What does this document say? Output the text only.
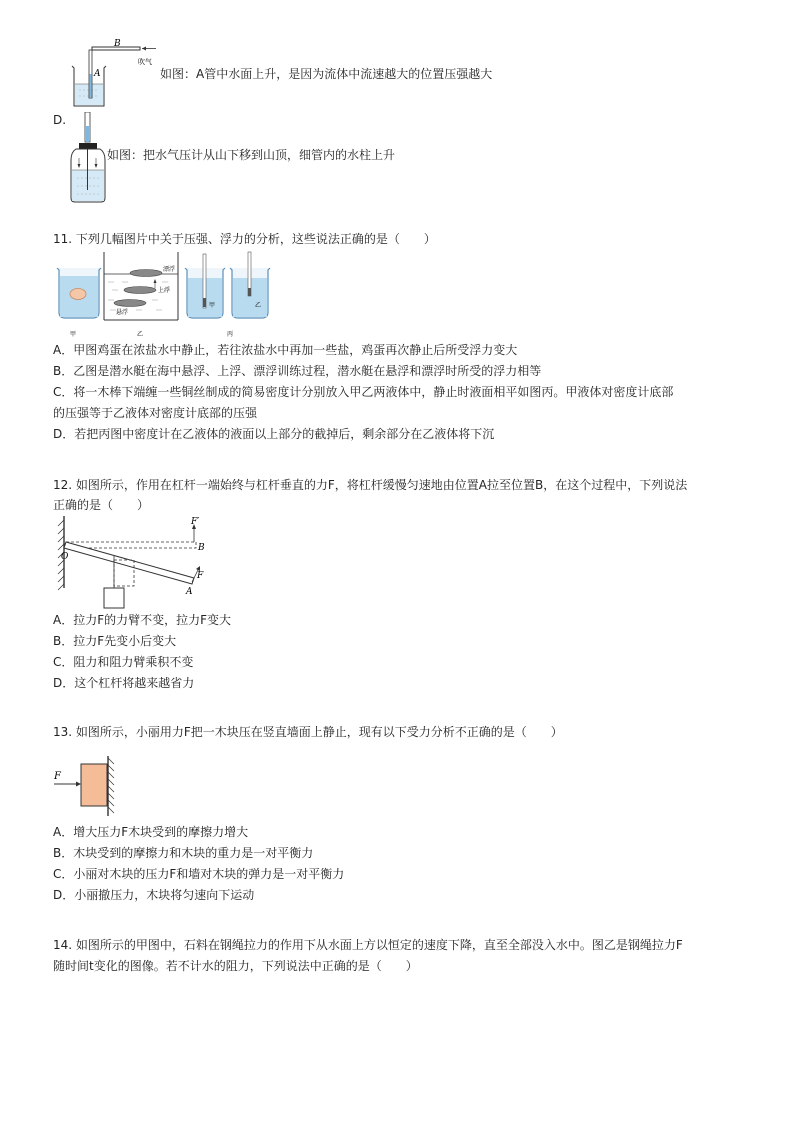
B
吹气
A	如图：A管中水面上升，是因为流体中流速越大的位置压强越大
D.
如图：把水气压计从山下移到山顶，细管内的水柱上升
11. 下列几幅图片中关于压强、浮力的分析，这些说法正确的是（　　）
甲
漂浮
上浮
悬浮
乙
甲	乙
丙
A．甲图鸡蛋在浓盐水中静止，若往浓盐水中再加一些盐，鸡蛋再次静止后所受浮力变大
B．乙图是潜水艇在海中悬浮、上浮、漂浮训练过程，潜水艇在悬浮和漂浮时所受的浮力相等
C．将一木棒下端缠一些铜丝制成的简易密度计分别放入甲乙两液体中，静止时液面相平如图丙。甲液体对密度计底部
的压强等于乙液体对密度计底部的压强
D．若把丙图中密度计在乙液体的液面以上部分的截掉后，剩余部分在乙液体将下沉
12. 如图所示，作用在杠杆一端始终与杠杆垂直的力F，将杠杆缓慢匀速地由位置A拉至位置B，在这个过程中，下列说法
正确的是（　　）
F′
B
O
F
A
A．拉力F的力臂不变，拉力F变大
B．拉力F先变小后变大
C．阻力和阻力臂乘积不变
D．这个杠杆将越来越省力
13. 如图所示，小丽用力F把一木块压在竖直墙面上静止，现有以下受力分析不正确的是（　　）
F
A．增大压力F木块受到的摩擦力增大
B．木块受到的摩擦力和木块的重力是一对平衡力
C．小丽对木块的压力F和墙对木块的弹力是一对平衡力
D．小丽撤压力，木块将匀速向下运动
14. 如图所示的甲图中，石料在钢绳拉力的作用下从水面上方以恒定的速度下降，直至全部没入水中。图乙是钢绳拉力F
随时间t变化的图像。若不计水的阻力，下列说法中正确的是（　　）
